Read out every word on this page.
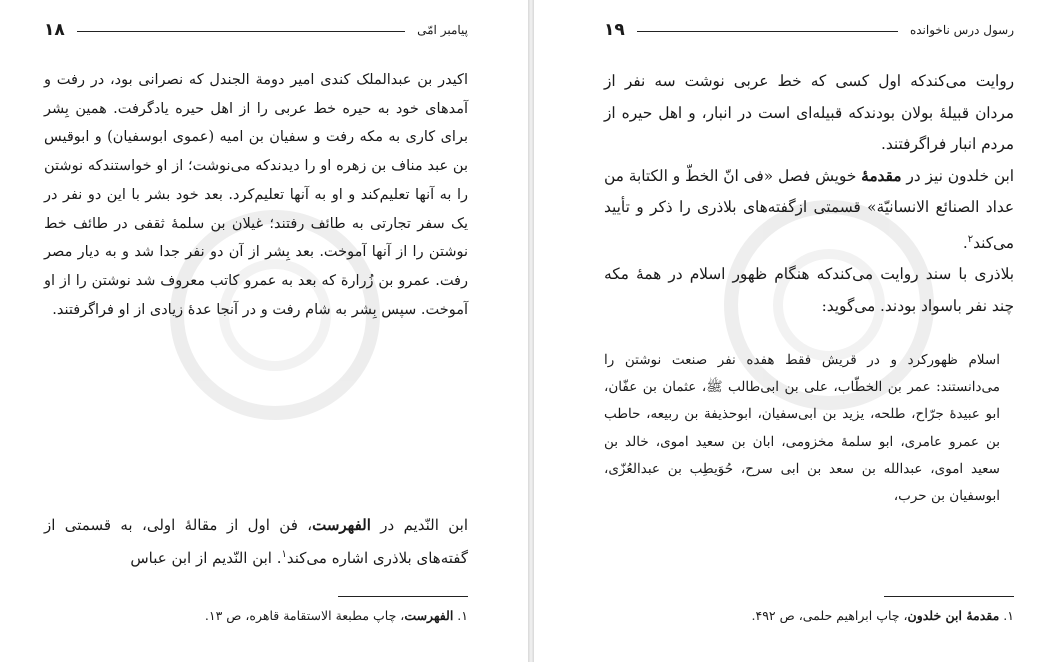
پیامبر امّی
۱۸

اکیدر بن عبدالملک کندی امیر دومة الجندل که نصرانی بود، در رفت و آمدهای خود به حیره خط عربی را از اهل حیره یادگرفت. همین بِشر برای کاری به مکه رفت و سفیان بن امیه (عموی ابوسفیان) و ابوقیس بن عبد مناف بن زهره او را دیدندکه می‌نوشت؛ از او خواستندکه نوشتن را به آنها تعلیم‌کند و او به آنها تعلیم‌کرد. بعد خود بشر با این دو نفر در یک سفر تجارتی به طائف رفتند؛ غیلان بن سلمهٔ ثقفی در طائف خط نوشتن را از آنها آموخت. بعد بِشر از آن دو نفر جدا شد و به دیار مصر رفت. عمرو بن زُرارة که بعد به عمرو کاتب معروف شد نوشتن را از او آموخت. سپس بِشر به شام رفت و در آنجا عدهٔ زیادی از او فراگرفتند.

ابن النّدیم در الفهرست، فن اول از مقالهٔ اولی، به قسمتی از گفته‌های بلاذری اشاره می‌کند$^۱$. ابن النّدیم از ابن عباس

۱. الفهرست، چاپ مطبعة الاستقامة قاهره، ص ۱۳.
رسول درس ناخوانده
۱۹

روایت می‌کندکه اول کسی که خط عربی نوشت سه نفر از مردان قبیلهٔ بولان بودندکه قبیله‌ای است در انبار، و اهل حیره از مردم انبار فراگرفتند.

ابن خلدون نیز در مقدمهٔ خویش فصل «فی انّ الخطّ و الکتابة من عداد الصنائع الانسانیّة» قسمتی ازگفته‌های بلاذری را ذکر و تأیید می‌کند$^۲$.

بلاذری با سند روایت می‌کندکه هنگام ظهور اسلام در همهٔ مکه چند نفر باسواد بودند. می‌گوید:

اسلام ظهورکرد و در قریش فقط هفده نفر صنعت نوشتن را می‌دانستند: عمر بن الخطّاب، علی بن ابی‌طالب ﷺ، عثمان بن عفّان، ابو عبیدهٔ جرّاح، طلحه، یزید بن ابی‌سفیان، ابوحذیفة بن ربیعه، حاطب بن عمرو عامری، ابو سلمهٔ مخزومی، ابان بن سعید اموی، خالد بن سعید اموی، عبدالله بن سعد بن ابی سرح، حُوَیطِب بن عبدالعُزّی، ابوسفیان بن حرب،

۱. مقدمهٔ ابن خلدون، چاپ ابراهیم حلمی، ص ۴۹۲.
